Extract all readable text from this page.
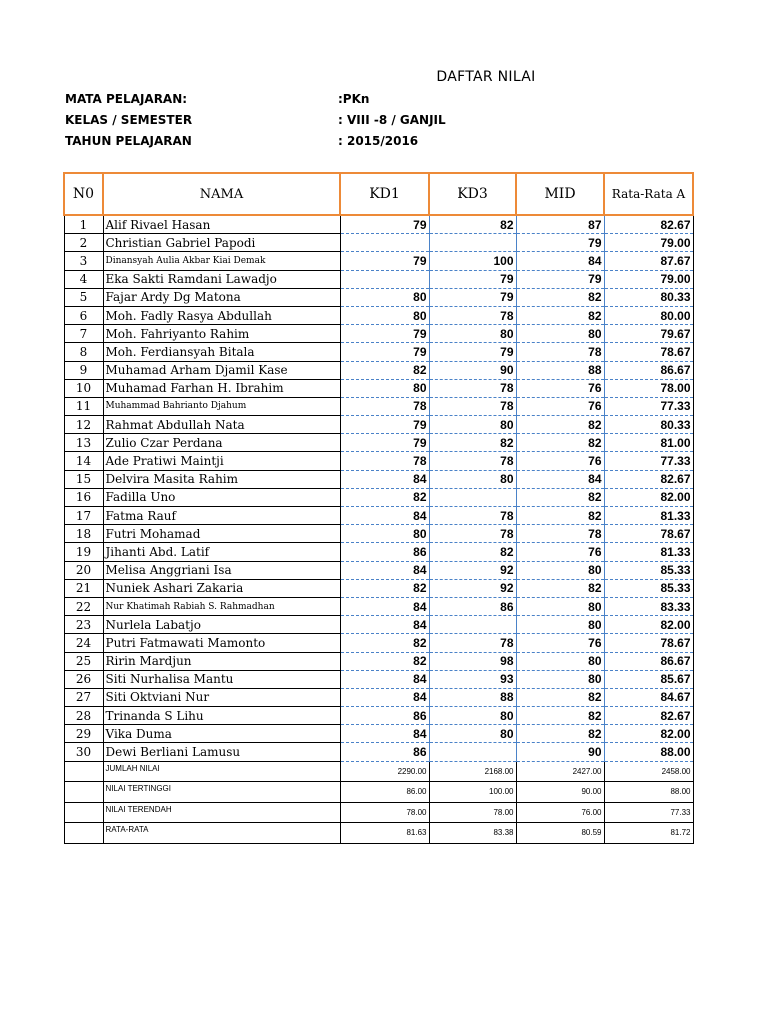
DAFTAR NILAI
MATA PELAJARAN:	:PKn
KELAS / SEMESTER	: VIII -8 / GANJIL
TAHUN PELAJARAN	: 2015/2016
N0	NAMA	KD1	KD3	MID	Rata-Rata A
1	Alif Rivael Hasan	79	82	87	82.67
2	Christian Gabriel Papodi			79	79.00
3	Dinansyah Aulia Akbar Kiai Demak	79	100	84	87.67
4	Eka Sakti Ramdani Lawadjo		79	79	79.00
5	Fajar Ardy Dg Matona	80	79	82	80.33
6	Moh. Fadly Rasya Abdullah	80	78	82	80.00
7	Moh. Fahriyanto Rahim	79	80	80	79.67
8	Moh. Ferdiansyah Bitala	79	79	78	78.67
9	Muhamad Arham Djamil Kase	82	90	88	86.67
10	Muhamad Farhan H. Ibrahim	80	78	76	78.00
11	Muhammad Bahrianto Djahum	78	78	76	77.33
12	Rahmat Abdullah Nata	79	80	82	80.33
13	Zulio Czar Perdana	79	82	82	81.00
14	Ade Pratiwi Maintji	78	78	76	77.33
15	Delvira Masita Rahim	84	80	84	82.67
16	Fadilla Uno	82		82	82.00
17	Fatma Rauf	84	78	82	81.33
18	Futri Mohamad	80	78	78	78.67
19	Jihanti Abd. Latif	86	82	76	81.33
20	Melisa Anggriani Isa	84	92	80	85.33
21	Nuniek Ashari Zakaria	82	92	82	85.33
22	Nur Khatimah Rabiah S. Rahmadhan	84	86	80	83.33
23	Nurlela Labatjo	84		80	82.00
24	Putri Fatmawati Mamonto	82	78	76	78.67
25	Ririn Mardjun	82	98	80	86.67
26	Siti Nurhalisa Mantu	84	93	80	85.67
27	Siti Oktviani Nur	84	88	82	84.67
28	Trinanda S Lihu	86	80	82	82.67
29	Vika Duma	84	80	82	82.00
30	Dewi Berliani Lamusu	86		90	88.00
	JUMLAH NILAI	2290.00	2168.00	2427.00	2458.00
	NILAI TERTINGGI	86.00	100.00	90.00	88.00
	NILAI TERENDAH	78.00	78.00	76.00	77.33
	RATA-RATA	81.63	83.38	80.59	81.72
